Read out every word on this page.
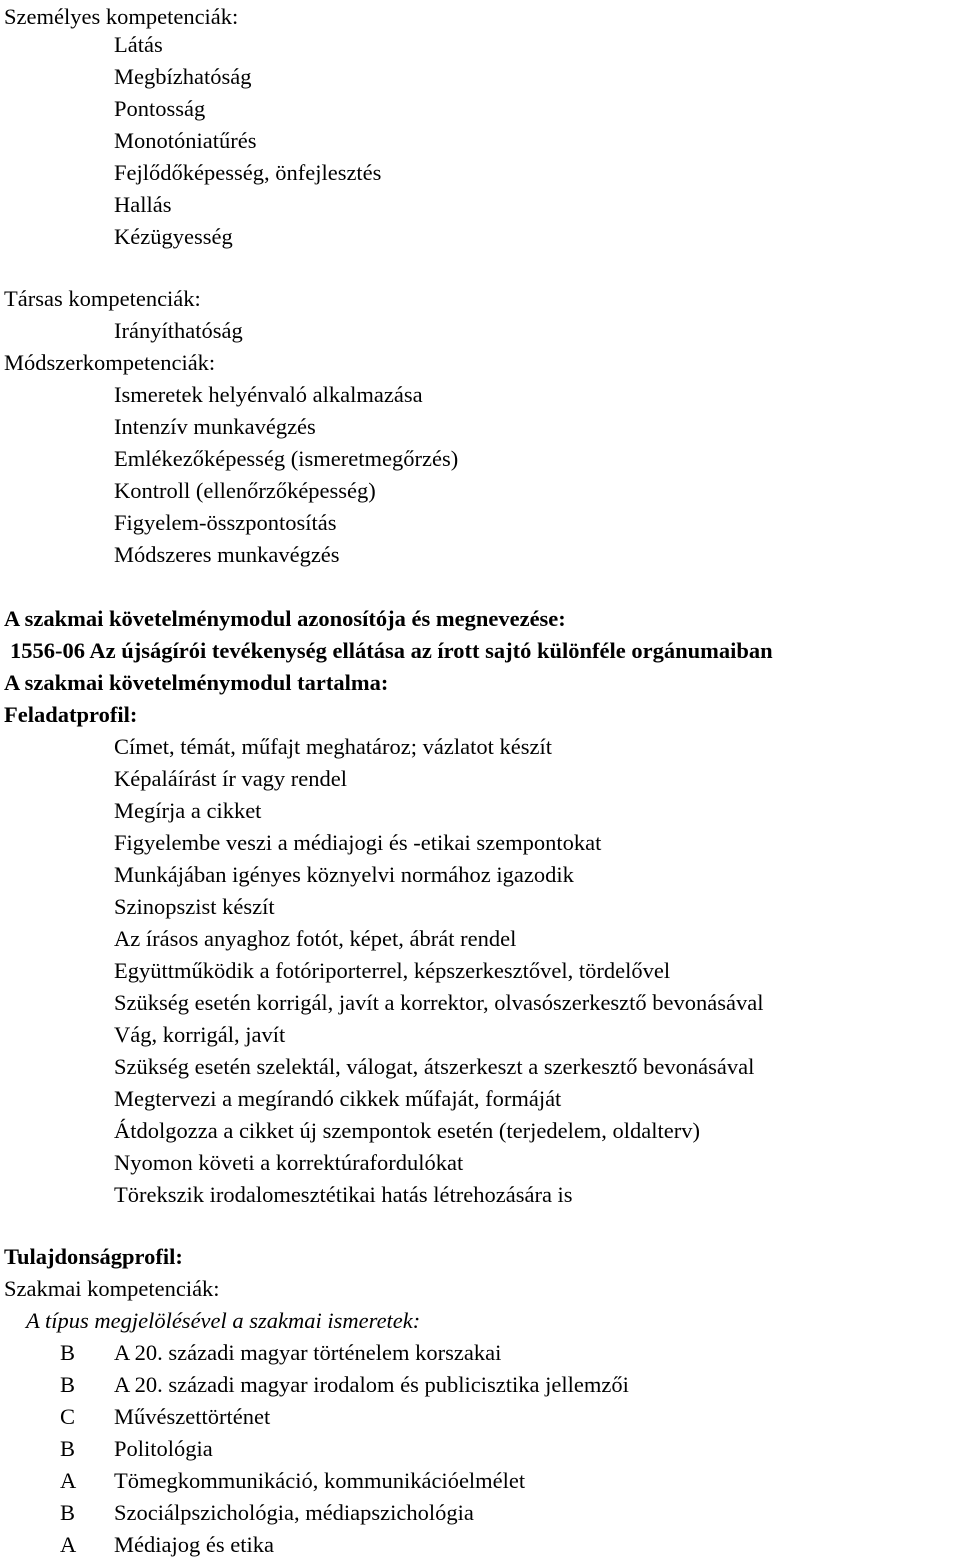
Személyes kompetenciák:
Látás
Megbízhatóság
Pontosság
Monotóniatűrés
Fejlődőképesség, önfejlesztés
Hallás
Kézügyesség
Társas kompetenciák:
Irányíthatóság
Módszerkompetenciák:
Ismeretek helyénvaló alkalmazása
Intenzív munkavégzés
Emlékezőképesség (ismeretmegőrzés)
Kontroll (ellenőrzőképesség)
Figyelem-összpontosítás
Módszeres munkavégzés
A szakmai követelménymodul azonosítója és megnevezése:
1556-06 Az újságírói tevékenység ellátása az írott sajtó különféle orgánumaiban
A szakmai követelménymodul tartalma:
Feladatprofil:
Címet, témát, műfajt meghatároz; vázlatot készít
Képaláírást ír vagy rendel
Megírja a cikket
Figyelembe veszi a médiajogi és -etikai szempontokat
Munkájában igényes köznyelvi normához igazodik
Szinopszist készít
Az írásos anyaghoz fotót, képet, ábrát rendel
Együttműködik a fotóriporterrel, képszerkesztővel, tördelővel
Szükség esetén korrigál, javít a korrektor, olvasószerkesztő bevonásával
Vág, korrigál, javít
Szükség esetén szelektál, válogat, átszerkeszt a szerkesztő bevonásával
Megtervezi a megírandó cikkek műfaját, formáját
Átdolgozza a cikket új szempontok esetén (terjedelem, oldalterv)
Nyomon követi a korrektúrafordulókat
Törekszik irodalomesztétikai hatás létrehozására is
Tulajdonságprofil:
Szakmai kompetenciák:
A típus megjelölésével a szakmai ismeretek:
B A 20. századi magyar történelem korszakai
B A 20. századi magyar irodalom és publicisztika jellemzői
C Művészettörténet
B Politológia
A Tömegkommunikáció, kommunikációelmélet
B Szociálpszichológia, médiapszichológia
A Médiajog és etika
